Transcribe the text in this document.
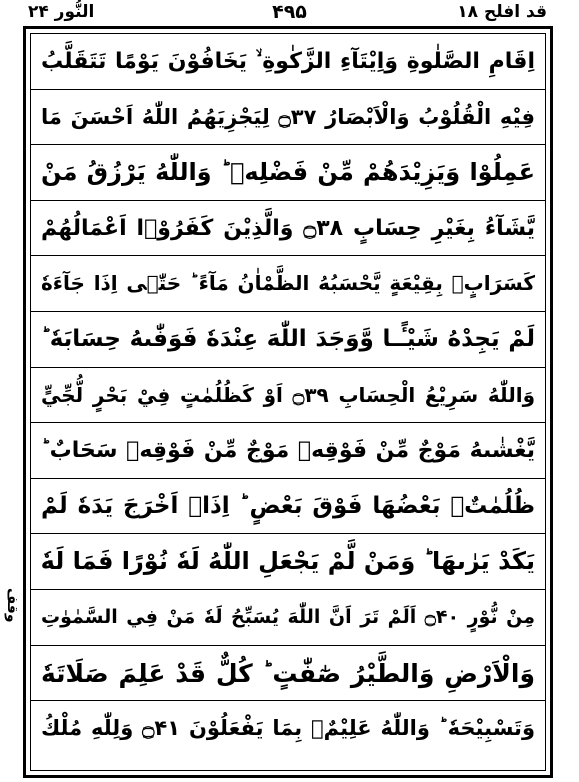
النُّور ۲۴	۴۹۵	قد افلح ۱۸
وقف
اِقَامِ الصَّلٰوةِ وَاِيْتَآءِ الزَّكٰوةِ ۙ يَخَافُوْنَ يَوْمًا تَتَقَلَّبُ
فِيْهِ الْقُلُوْبُ وَالْاَبْصَارُ ۝۳۷ لِيَجْزِيَهُمُ اللّٰهُ اَحْسَنَ مَا
عَمِلُوْا وَيَزِيْدَهُمْ مِّنْ فَضْلِهٖ ؕ وَاللّٰهُ يَرْزُقُ مَنْ
يَّشَآءُ بِغَيْرِ حِسَابٍ ۝۳۸ وَالَّذِيْنَ كَفَرُوْۤا اَعْمَالُهُمْ
كَسَرَابٍۢ بِقِيْعَةٍ يَّحْسَبُهُ الظَّمْاٰنُ مَآءً ؕ حَتّٰۤى اِذَا جَآءَهٗ
لَمْ يَجِدْهُ شَيْـًٔـا وَّوَجَدَ اللّٰهَ عِنْدَهٗ فَوَفّٰىهُ حِسَابَهٗ ؕ
وَاللّٰهُ سَرِيْعُ الْحِسَابِ ۝۳۹ اَوْ كَظُلُمٰتٍ فِيْ بَحْرٍ لُّجِّيٍّ
يَّغْشٰىهُ مَوْجٌ مِّنْ فَوْقِهٖ مَوْجٌ مِّنْ فَوْقِهٖ سَحَابٌ ؕ
ظُلُمٰتٌۢ بَعْضُهَا فَوْقَ بَعْضٍ ؕ اِذَاۤ اَخْرَجَ يَدَهٗ لَمْ
يَكَدْ يَرٰىهَا ؕ وَمَنْ لَّمْ يَجْعَلِ اللّٰهُ لَهٗ نُوْرًا فَمَا لَهٗ
مِنْ نُّوْرٍ ۝۴۰ اَلَمْ تَرَ اَنَّ اللّٰهَ يُسَبِّحُ لَهٗ مَنْ فِي السَّمٰوٰتِ
وَالْاَرْضِ وَالطَّيْرُ صٰٓفّٰتٍ ؕ كُلٌّ قَدْ عَلِمَ صَلَاتَهٗ
وَتَسْبِيْحَهٗ ؕ وَاللّٰهُ عَلِيْمٌۢ بِمَا يَفْعَلُوْنَ ۝۴۱ وَلِلّٰهِ مُلْكُ
